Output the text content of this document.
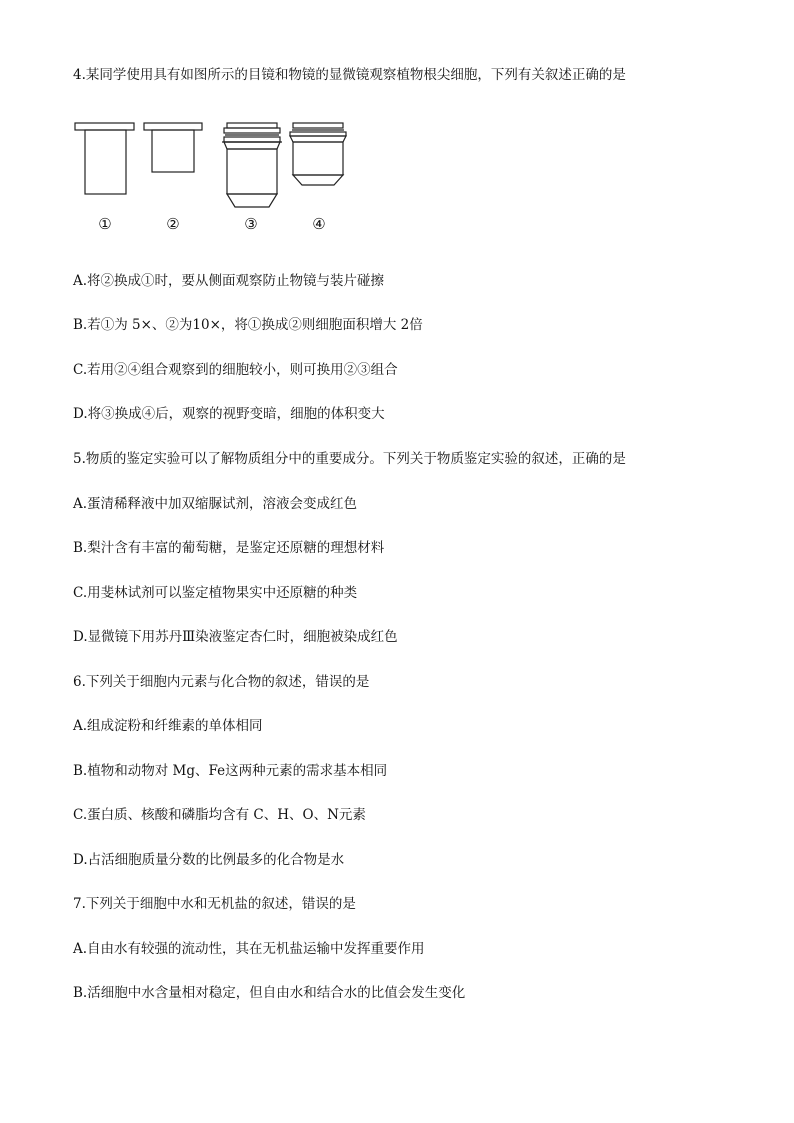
4.某同学使用具有如图所示的目镜和物镜的显微镜观察植物根尖细胞，下列有关叙述正确的是
①	②	③	④
A.将②换成①时，要从侧面观察防止物镜与装片碰擦
B.若①为 5×、②为10×，将①换成②则细胞面积增大 2倍
C.若用②④组合观察到的细胞较小，则可换用②③组合
D.将③换成④后，观察的视野变暗，细胞的体积变大
5.物质的鉴定实验可以了解物质组分中的重要成分。下列关于物质鉴定实验的叙述，正确的是
A.蛋清稀释液中加双缩脲试剂，溶液会变成红色
B.梨汁含有丰富的葡萄糖，是鉴定还原糖的理想材料
C.用斐林试剂可以鉴定植物果实中还原糖的种类
D.显微镜下用苏丹Ⅲ染液鉴定杏仁时，细胞被染成红色
6.下列关于细胞内元素与化合物的叙述，错误的是
A.组成淀粉和纤维素的单体相同
B.植物和动物对 Mg、Fe这两种元素的需求基本相同
C.蛋白质、核酸和磷脂均含有 C、H、O、N元素
D.占活细胞质量分数的比例最多的化合物是水
7.下列关于细胞中水和无机盐的叙述，错误的是
A.自由水有较强的流动性，其在无机盐运输中发挥重要作用
B.活细胞中水含量相对稳定，但自由水和结合水的比值会发生变化
